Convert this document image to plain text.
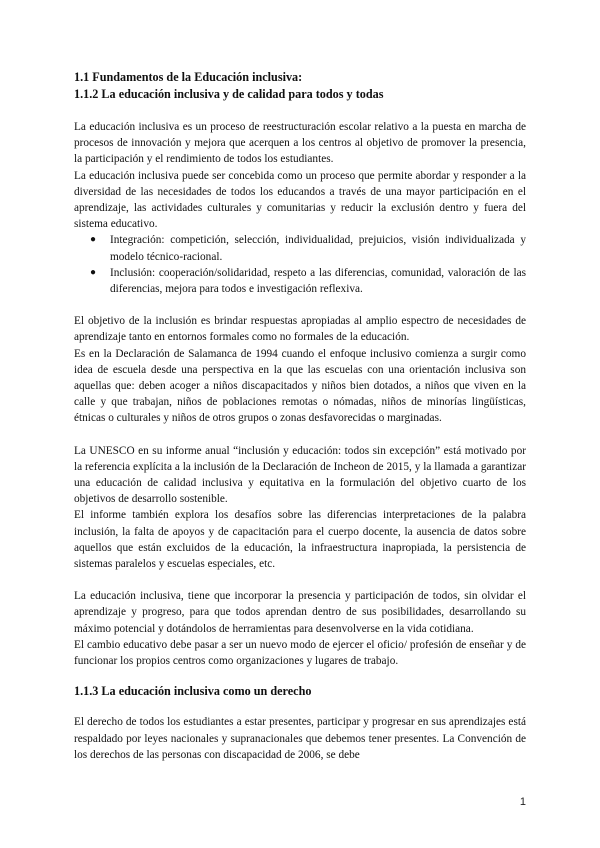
1.1 Fundamentos de la Educación inclusiva:
1.1.2 La educación inclusiva y de calidad para todos y todas

La educación inclusiva es un proceso de reestructuración escolar relativo a la puesta en marcha de procesos de innovación y mejora que acerquen a los centros al objetivo de promover la presencia, la participación y el rendimiento de todos los estudiantes.

La educación inclusiva puede ser concebida como un proceso que permite abordar y responder a la diversidad de las necesidades de todos los educandos a través de una mayor participación en el aprendizaje, las actividades culturales y comunitarias y reducir la exclusión dentro y fuera del sistema educativo.

● Integración: competición, selección, individualidad, prejuicios, visión individualizada y modelo técnico-racional.
● Inclusión: cooperación/solidaridad, respeto a las diferencias, comunidad, valoración de las diferencias, mejora para todos e investigación reflexiva.

El objetivo de la inclusión es brindar respuestas apropiadas al amplio espectro de necesidades de aprendizaje tanto en entornos formales como no formales de la educación.

Es en la Declaración de Salamanca de 1994 cuando el enfoque inclusivo comienza a surgir como idea de escuela desde una perspectiva en la que las escuelas con una orientación inclusiva son aquellas que: deben acoger a niños discapacitados y niños bien dotados, a niños que viven en la calle y que trabajan, niños de poblaciones remotas o nómadas, niños de minorías lingüísticas, étnicas o culturales y niños de otros grupos o zonas desfavorecidas o marginadas.

La UNESCO en su informe anual “inclusión y educación: todos sin excepción” está motivado por la referencia explícita a la inclusión de la Declaración de Incheon de 2015, y la llamada a garantizar una educación de calidad inclusiva y equitativa en la formulación del objetivo cuarto de los objetivos de desarrollo sostenible.

El informe también explora los desafíos sobre las diferencias interpretaciones de la palabra inclusión, la falta de apoyos y de capacitación para el cuerpo docente, la ausencia de datos sobre aquellos que están excluidos de la educación, la infraestructura inapropiada, la persistencia de sistemas paralelos y escuelas especiales, etc.

La educación inclusiva, tiene que incorporar la presencia y participación de todos, sin olvidar el aprendizaje y progreso, para que todos aprendan dentro de sus posibilidades, desarrollando su máximo potencial y dotándolos de herramientas para desenvolverse en la vida cotidiana.

El cambio educativo debe pasar a ser un nuevo modo de ejercer el oficio/ profesión de enseñar y de funcionar los propios centros como organizaciones y lugares de trabajo.

1.1.3 La educación inclusiva como un derecho

El derecho de todos los estudiantes a estar presentes, participar y progresar en sus aprendizajes está respaldado por leyes nacionales y supranacionales que debemos tener presentes. La Convención de los derechos de las personas con discapacidad de 2006, se debe

1
